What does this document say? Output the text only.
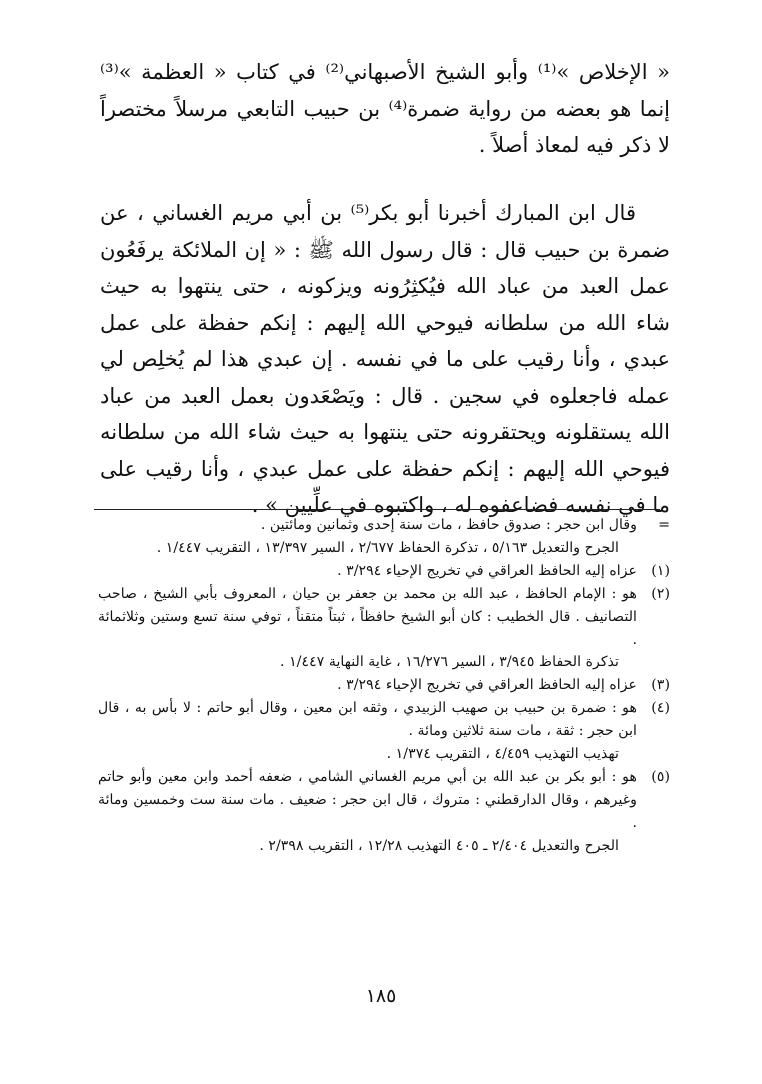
« الإخلاص »⁽¹⁾ وأبو الشيخ الأصبهاني⁽²⁾ في كتاب « العظمة »⁽³⁾ إنما هو بعضه من رواية ضمرة⁽⁴⁾ بن حبيب التابعي مرسلاً مختصراً لا ذكر فيه لمعاذ أصلاً .

قال ابن المبارك أخبرنا أبو بكر⁽⁵⁾ بن أبي مريم الغساني ، عن ضمرة بن حبيب قال : قال رسول الله ﷺ : « إن الملائكة يرفَعُون عمل العبد من عباد الله فيُكثِرُونه ويزكونه ، حتى ينتهوا به حيث شاء الله من سلطانه فيوحي الله إليهم : إنكم حفظة على عمل عبدي ، وأنا رقيب على ما في نفسه . إن عبدي هذا لم يُخلِص لي عمله فاجعلوه في سجين . قال : ويَصْعَدون بعمل العبد من عباد الله يستقلونه ويحتقرونه حتى ينتهوا به حيث شاء الله من سلطانه فيوحي الله إليهم : إنكم حفظة على عمل عبدي ، وأنا رقيب على ما في نفسه فضاعفوه له ، واكتبوه في علِّيين » .

=
وقال ابن حجر : صدوق حافظ ، مات سنة إحدى وثمانين ومائتين .
الجرح والتعديل ٥/١٦٣ ، تذكرة الحفاظ ٢/٦٧٧ ، السير ١٣/٣٩٧ ، التقريب ١/٤٤٧ .
(١)
عزاه إليه الحافظ العراقي في تخريج الإحياء ٣/٢٩٤ .
(٢)
هو : الإمام الحافظ ، عبد الله بن محمد بن جعفر بن حيان ، المعروف بأبي الشيخ ، صاحب التصانيف . قال الخطيب : كان أبو الشيخ حافظاً ، ثبتاً متقناً ، توفي سنة تسع وستين وثلاثمائة .
تذكرة الحفاظ ٣/٩٤٥ ، السير ١٦/٢٧٦ ، غاية النهاية ١/٤٤٧ .
(٣)
عزاه إليه الحافظ العراقي في تخريج الإحياء ٣/٢٩٤ .
(٤)
هو : ضمرة بن حبيب بن صهيب الزبيدي ، وثقه ابن معين ، وقال أبو حاتم : لا بأس به ، قال ابن حجر : ثقة ، مات سنة ثلاثين ومائة .
تهذيب التهذيب ٤/٤٥٩ ، التقريب ١/٣٧٤ .
(٥)
هو : أبو بكر بن عبد الله بن أبي مريم الغساني الشامي ، ضعفه أحمد وابن معين وأبو حاتم وغيرهم ، وقال الدارقطني : متروك ، قال ابن حجر : ضعيف . مات سنة ست وخمسين ومائة .
الجرح والتعديل ٢/٤٠٤ ـ ٤٠٥ التهذيب ١٢/٢٨ ، التقريب ٢/٣٩٨ .
١٨٥
